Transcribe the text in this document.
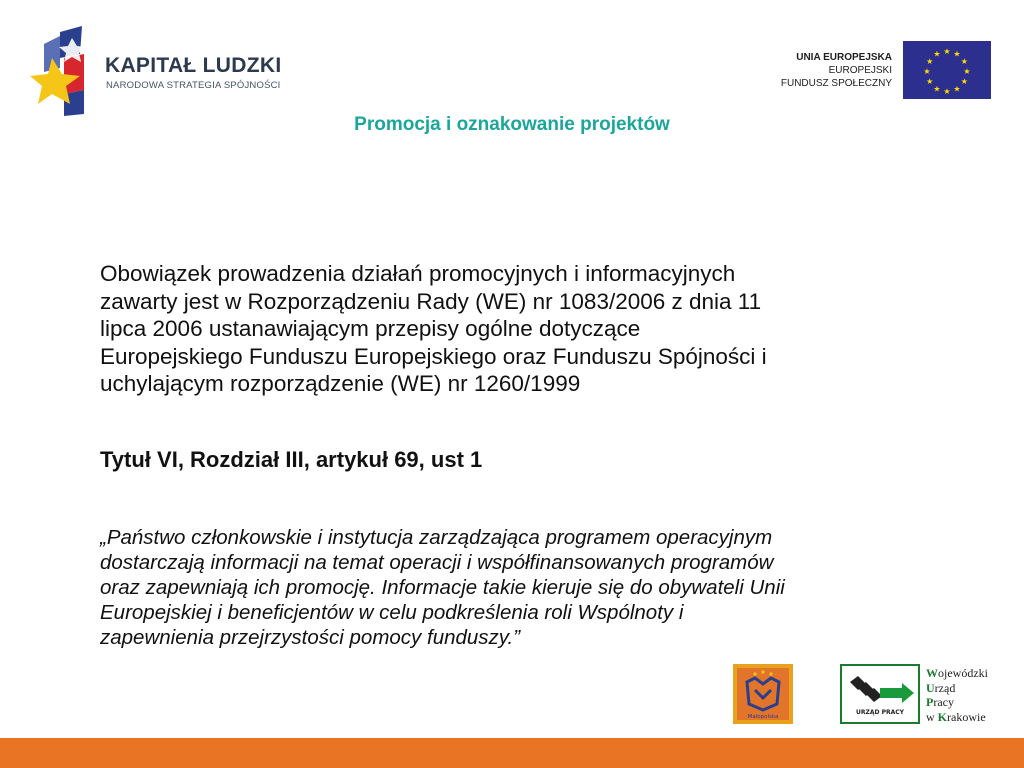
KAPITAŁ LUDZKI
NARODOWA STRATEGIA SPÓJNOŚCI
UNIA EUROPEJSKA
EUROPEJSKI
FUNDUSZ SPOŁECZNY
★ ★
★
★
★
★
★
★
★
★
★
★
Promocja i oznakowanie projektów
Obowiązek prowadzenia działań promocyjnych i informacyjnych
zawarty jest w Rozporządzeniu Rady (WE) nr 1083/2006 z dnia 11
lipca 2006 ustanawiającym przepisy ogólne dotyczące
Europejskiego Funduszu Europejskiego oraz Funduszu Spójności i
uchylającym rozporządzenie (WE) nr 1260/1999
Tytuł VI, Rozdział III, artykuł 69, ust 1
„Państwo członkowskie i instytucja zarządzająca programem operacyjnym
dostarczają informacji na temat operacji i współfinansowanych programów
oraz zapewniają ich promocję. Informacje takie kieruje się do obywateli Unii
Europejskiej i beneficjentów w celu podkreślenia roli Wspólnoty i
zapewnienia przejrzystości pomocy funduszy.”
Małopolska
URZĄD PRACY
Wojewódzki
Urząd
Pracy
w Krakowie
